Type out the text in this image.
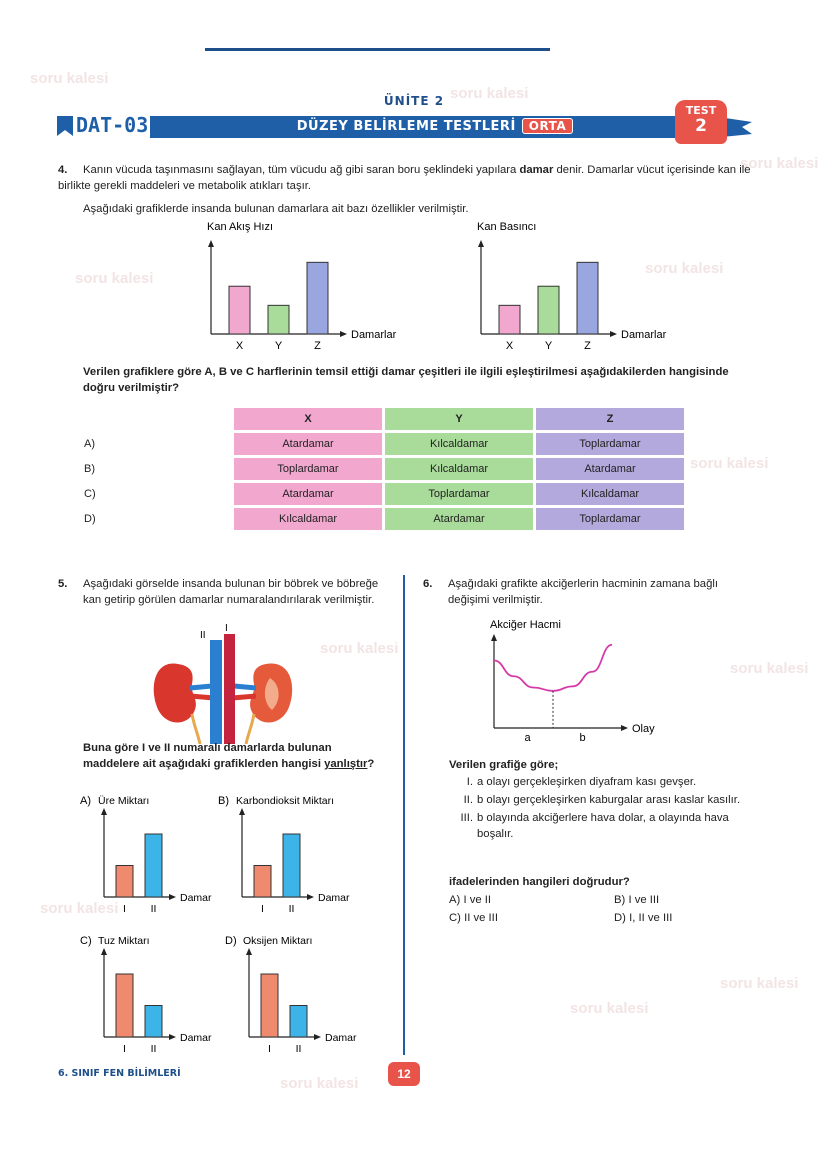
soru kalesi
soru kalesi
soru kalesi
soru kalesi
soru kalesi
soru kalesi
soru kalesi
soru kalesi
soru kalesi
soru kalesi
soru kalesi
soru kalesi
ÜNİTE 2
DAT-03	DÜZEY BELİRLEME TESTLERİ ORTA
TEST
2
4. Kanın vücuda taşınmasını sağlayan, tüm vücudu ağ gibi saran boru şeklindeki yapılara damar denir. Damarlar vücut içerisinde kan ile birlikte gerekli maddeleri ve metabolik atıkları taşır.
Aşağıdaki grafiklerde insanda bulunan damarlara ait bazı özellikler verilmiştir.
Kan Akış Hızı
Damarlar
X	Y	Z
Kan Basıncı
Damarlar
X	Y	Z
Verilen grafiklere göre A, B ve C harflerinin temsil ettiği damar çeşitleri ile ilgili eşleştirilmesi aşağıdakilerden hangisinde doğru verilmiştir?
	X	Y	Z
A)	Atardamar	Kılcaldamar	Toplardamar
B)	Toplardamar	Kılcaldamar	Atardamar
C)	Atardamar	Toplardamar	Kılcaldamar
D)	Kılcaldamar	Atardamar	Toplardamar
5.	Aşağıdaki görselde insanda bulunan bir böbrek ve böbreğe kan getirip görülen damarlar numaralandırılarak verilmiştir.
II
I
Buna göre I ve II numaralı damarlarda bulunan maddelere ait aşağıdaki grafiklerden hangisi yanlıştır?
A) Üre Miktarı
Damar
I II
B) Karbondioksit Miktarı
Damar
I II
C) Tuz Miktarı
Damar
I II
D) Oksijen Miktarı
Damar
I II
6.	Aşağıdaki grafikte akciğerlerin hacminin zamana bağlı değişimi verilmiştir.
Akciğer Hacmi
Olay
a	b
Verilen grafiğe göre;
I. a olayı gerçekleşirken diyafram kası gevşer.
II. b olayı gerçekleşirken kaburgalar arası kaslar kasılır.
III. b olayında akciğerlere hava dolar, a olayında hava boşalır.
ifadelerinden hangileri doğrudur?
A) I ve II	B) I ve III
C) II ve III	D) I, II ve III
6. SINIF FEN BİLİMLERİ	12
